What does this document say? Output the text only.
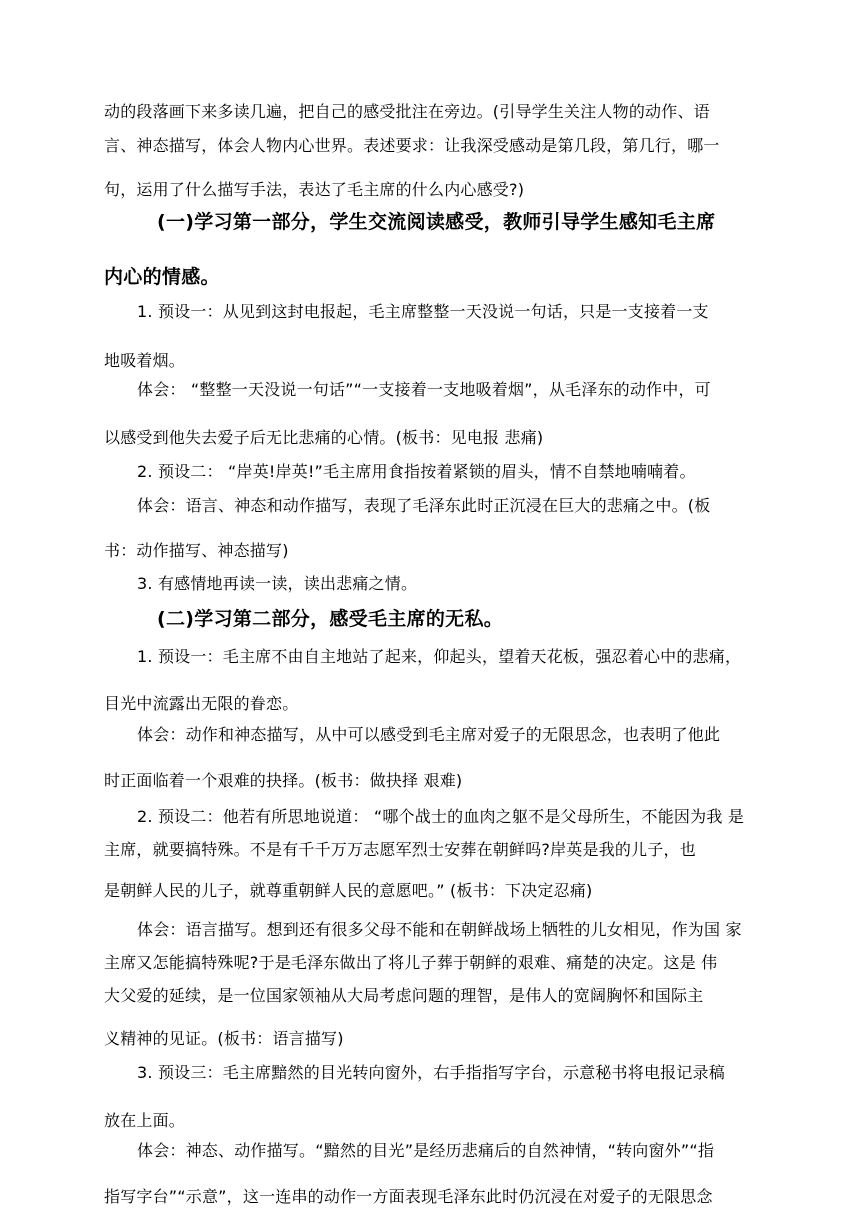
动的段落画下来多读几遍，把自己的感受批注在旁边。(引导学生关注人物的动作、语
言、神态描写，体会人物内心世界。表述要求：让我深受感动是第几段，第几行，哪一
句，运用了什么描写手法，表达了毛主席的什么内心感受?)
(一)学习第一部分，学生交流阅读感受，教师引导学生感知毛主席
内心的情感。
1. 预设一：从见到这封电报起，毛主席整整一天没说一句话，只是一支接着一支
地吸着烟。
体会： “整整一天没说一句话”“一支接着一支地吸着烟”，从毛泽东的动作中，可
以感受到他失去爱子后无比悲痛的心情。(板书：见电报 悲痛)
2. 预设二： “岸英!岸英!”毛主席用食指按着紧锁的眉头，情不自禁地喃喃着。
体会：语言、神态和动作描写，表现了毛泽东此时正沉浸在巨大的悲痛之中。(板
书：动作描写、神态描写)
3. 有感情地再读一读，读出悲痛之情。
(二)学习第二部分，感受毛主席的无私。
1. 预设一：毛主席不由自主地站了起来，仰起头，望着天花板，强忍着心中的悲痛，
目光中流露出无限的眷恋。
体会：动作和神态描写，从中可以感受到毛主席对爱子的无限思念，也表明了他此
时正面临着一个艰难的抉择。(板书：做抉择 艰难)
2. 预设二：他若有所思地说道： “哪个战士的血肉之躯不是父母所生，不能因为我 是
主席，就要搞特殊。不是有千千万万志愿军烈士安葬在朝鲜吗?岸英是我的儿子，也
是朝鲜人民的儿子，就尊重朝鲜人民的意愿吧。” (板书：下决定忍痛)
体会：语言描写。想到还有很多父母不能和在朝鲜战场上牺牲的儿女相见，作为国 家
主席又怎能搞特殊呢?于是毛泽东做出了将儿子葬于朝鲜的艰难、痛楚的决定。这是 伟
大父爱的延续，是一位国家领袖从大局考虑问题的理智，是伟人的宽阔胸怀和国际主
义精神的见证。(板书：语言描写)
3. 预设三：毛主席黯然的目光转向窗外，右手指指写字台，示意秘书将电报记录稿
放在上面。
体会：神态、动作描写。“黯然的目光”是经历悲痛后的自然神情，“转向窗外”“指
指写字台”“示意”，这一连串的动作一方面表现毛泽东此时仍沉浸在对爱子的无限思念
